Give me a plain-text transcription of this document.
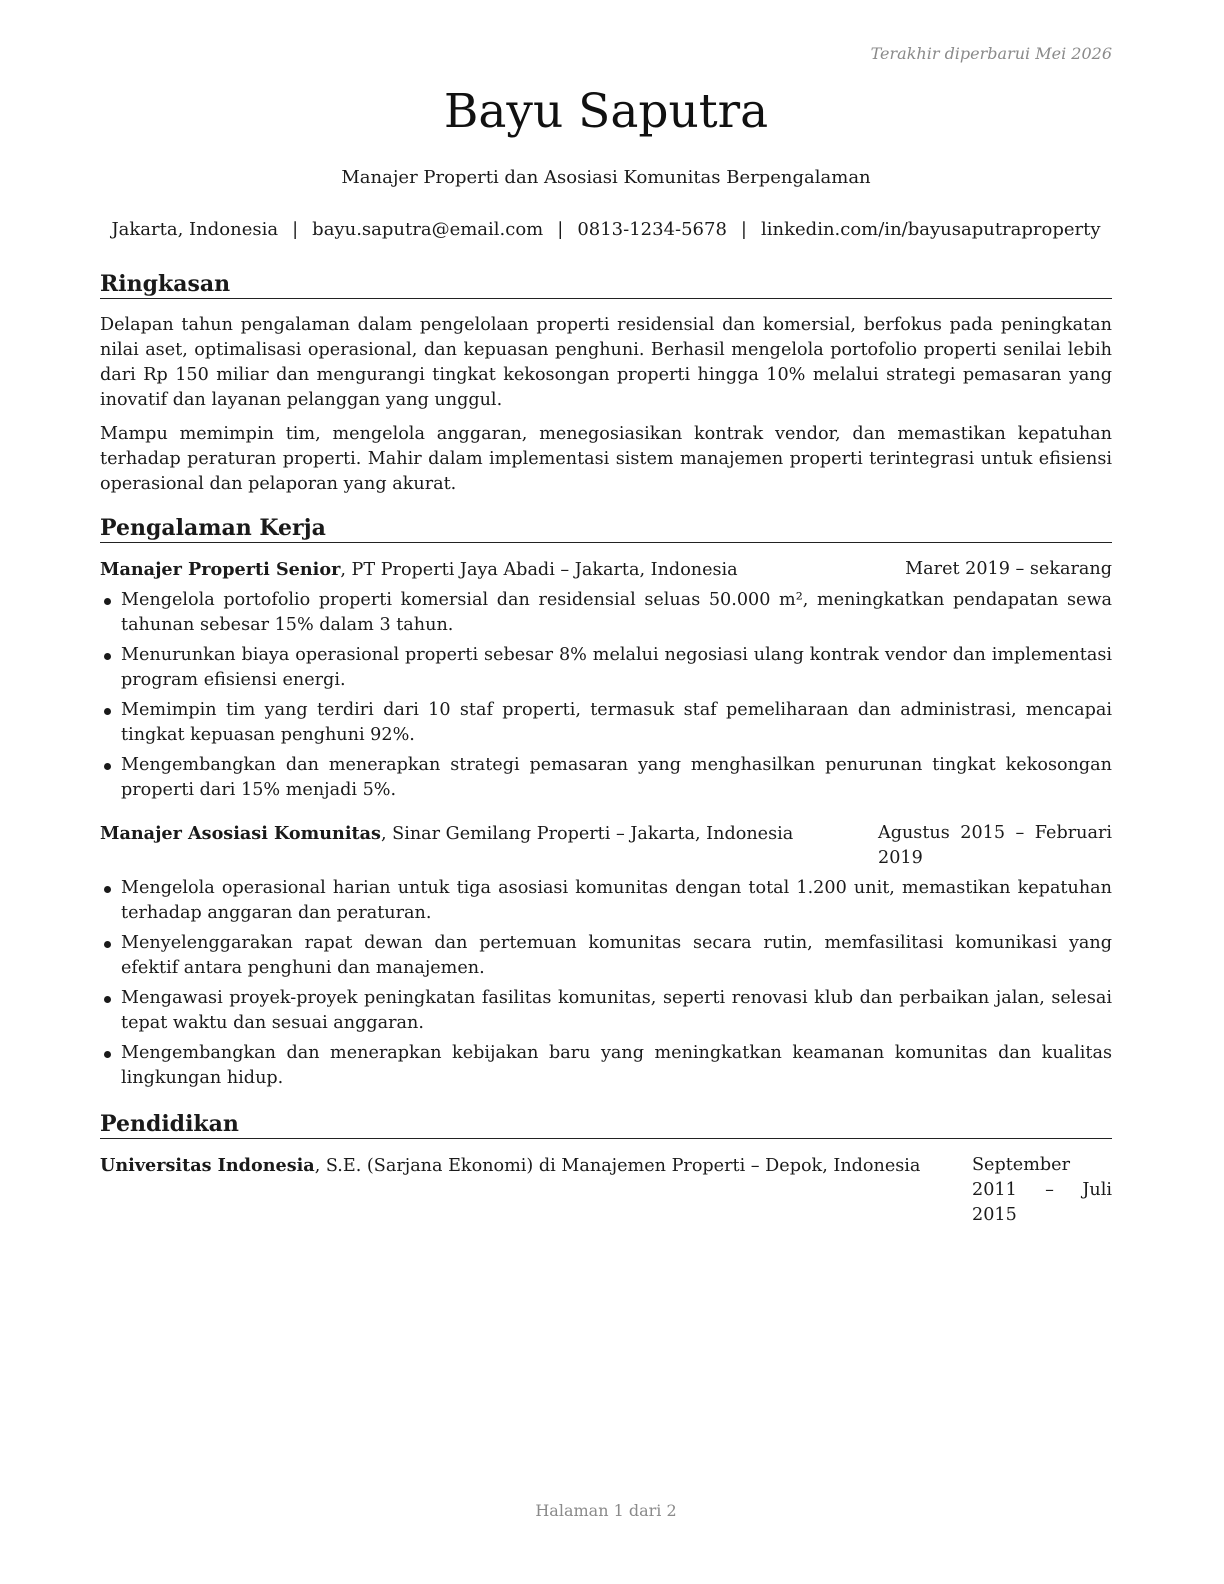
Terakhir diperbarui Mei 2026
Bayu Saputra
Manajer Properti dan Asosiasi Komunitas Berpengalaman
Jakarta, Indonesia | bayu.saputra@email.com | 0813-1234-5678 | linkedin.com/in/bayusaputraproperty
Ringkasan

Delapan tahun pengalaman dalam pengelolaan properti residensial dan komersial, berfokus pada peningkatan nilai aset, optimalisasi operasional, dan kepuasan penghuni. Berhasil mengelola portofolio properti senilai lebih dari Rp 150 miliar dan mengurangi tingkat kekosongan properti hingga 10% melalui strategi pemasaran yang inovatif dan layanan pelanggan yang unggul.

Mampu memimpin tim, mengelola anggaran, menegosiasikan kontrak vendor, dan memastikan kepatuhan terhadap peraturan properti. Mahir dalam implementasi sistem manajemen properti terintegrasi untuk efisiensi operasional dan pelaporan yang akurat.

Pengalaman Kerja
Manajer Properti Senior, PT Properti Jaya Abadi – Jakarta, Indonesia	Maret 2019 – sekarang
Mengelola portofolio properti komersial dan residensial seluas 50.000 m², meningkatkan pendapatan sewa tahunan sebesar 15% dalam 3 tahun.
Menurunkan biaya operasional properti sebesar 8% melalui negosiasi ulang kontrak vendor dan implementasi program efisiensi energi.
Memimpin tim yang terdiri dari 10 staf properti, termasuk staf pemeliharaan dan administrasi, mencapai tingkat kepuasan penghuni 92%.
Mengembangkan dan menerapkan strategi pemasaran yang menghasilkan penurunan tingkat kekosongan properti dari 15% menjadi 5%.
Manajer Asosiasi Komunitas, Sinar Gemilang Properti – Jakarta, Indonesia	Agustus 2015 – Februari 2019
Mengelola operasional harian untuk tiga asosiasi komunitas dengan total 1.200 unit, memastikan kepatuhan terhadap anggaran dan peraturan.
Menyelenggarakan rapat dewan dan pertemuan komunitas secara rutin, memfasilitasi komunikasi yang efektif antara penghuni dan manajemen.
Mengawasi proyek-proyek peningkatan fasilitas komunitas, seperti renovasi klub dan perbaikan jalan, selesai tepat waktu dan sesuai anggaran.
Mengembangkan dan menerapkan kebijakan baru yang meningkatkan keamanan komunitas dan kualitas lingkungan hidup.
Pendidikan
Universitas Indonesia, S.E. (Sarjana Ekonomi) di Manajemen Properti – Depok, Indonesia	September 2011 – Juli 2015
Halaman 1 dari 2
